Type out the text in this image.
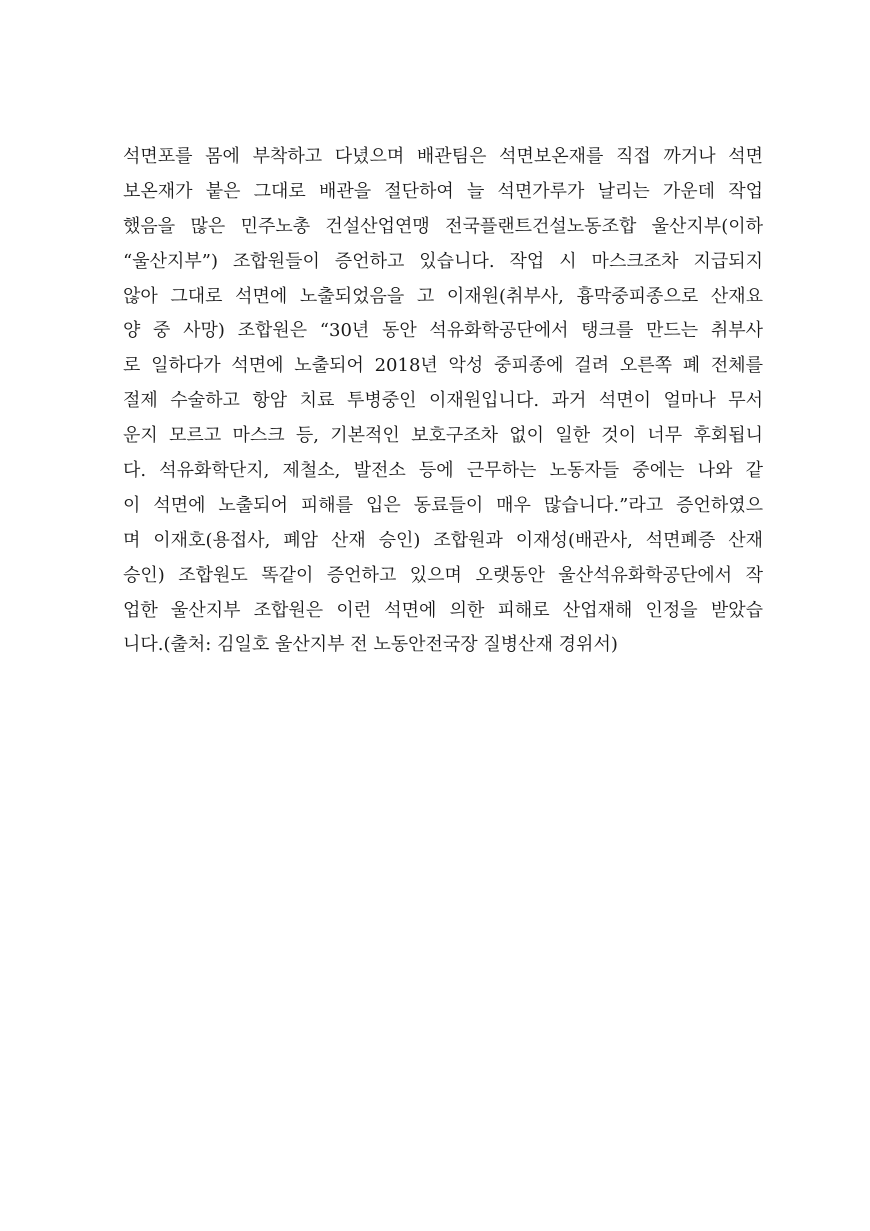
석면포를 몸에 부착하고 다녔으며 배관팀은 석면보온재를 직접 까거나 석면
보온재가 붙은 그대로 배관을 절단하여 늘 석면가루가 날리는 가운데 작업
했음을 많은 민주노총 건설산업연맹 전국플랜트건설노동조합 울산지부(이하
“울산지부”) 조합원들이 증언하고 있습니다. 작업 시 마스크조차 지급되지
않아 그대로 석면에 노출되었음을 고 이재원(취부사, 흉막중피종으로 산재요
양 중 사망) 조합원은 “30년 동안 석유화학공단에서 탱크를 만드는 취부사
로 일하다가 석면에 노출되어 2018년 악성 중피종에 걸려 오른쪽 폐 전체를
절제 수술하고 항암 치료 투병중인 이재원입니다. 과거 석면이 얼마나 무서
운지 모르고 마스크 등, 기본적인 보호구조차 없이 일한 것이 너무 후회됩니
다. 석유화학단지, 제철소, 발전소 등에 근무하는 노동자들 중에는 나와 같
이 석면에 노출되어 피해를 입은 동료들이 매우 많습니다.”라고 증언하였으
며 이재호(용접사, 폐암 산재 승인) 조합원과 이재성(배관사, 석면폐증 산재
승인) 조합원도 똑같이 증언하고 있으며 오랫동안 울산석유화학공단에서 작
업한 울산지부 조합원은 이런 석면에 의한 피해로 산업재해 인정을 받았습
니다.(출처: 김일호 울산지부 전 노동안전국장 질병산재 경위서)
